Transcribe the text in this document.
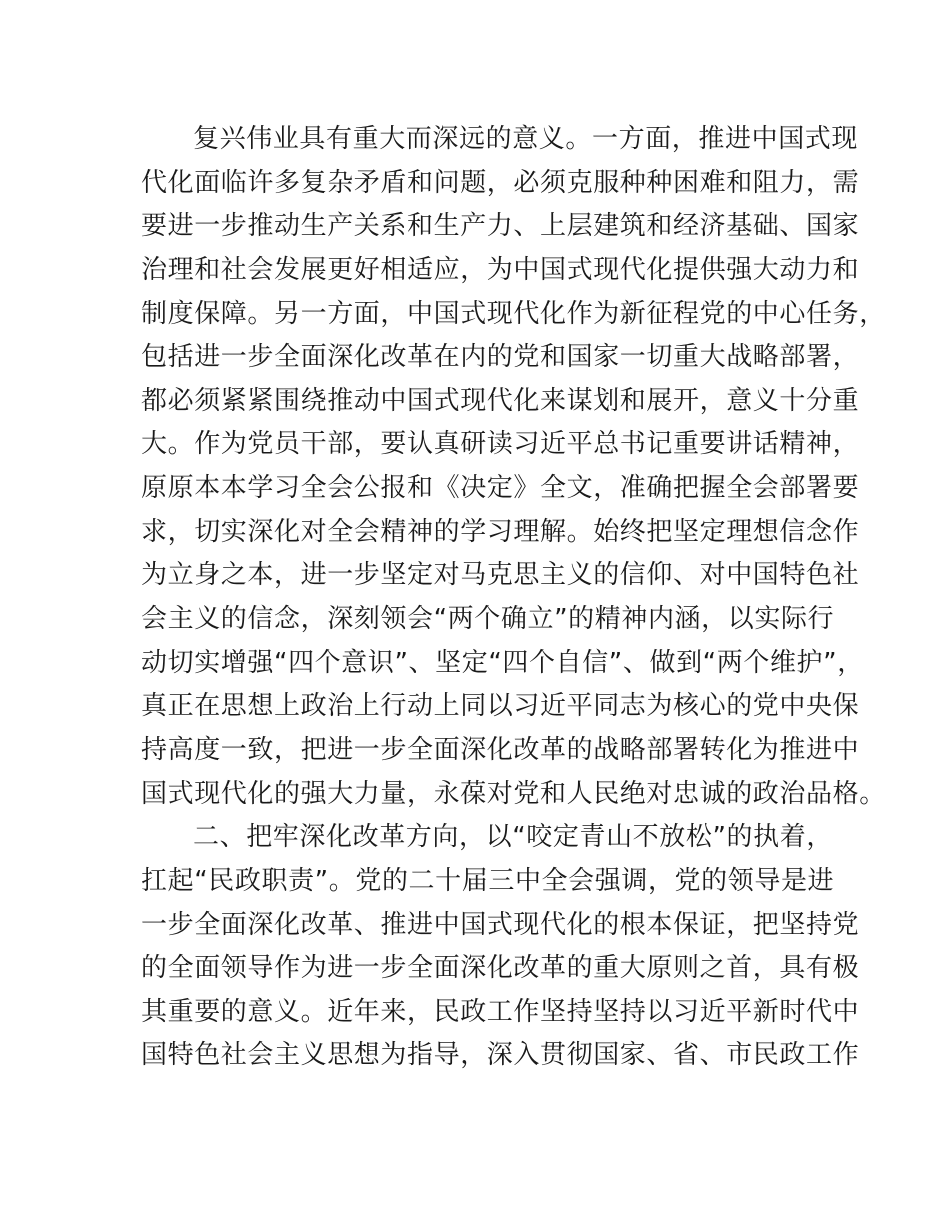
复兴伟业具有重大而深远的意义。一方面，推进中国式现
代化面临许多复杂矛盾和问题，必须克服种种困难和阻力，需
要进一步推动生产关系和生产力、上层建筑和经济基础、国家
治理和社会发展更好相适应，为中国式现代化提供强大动力和
制度保障。另一方面，中国式现代化作为新征程党的中心任务，
包括进一步全面深化改革在内的党和国家一切重大战略部署，
都必须紧紧围绕推动中国式现代化来谋划和展开，意义十分重
大。作为党员干部，要认真研读习近平总书记重要讲话精神，
原原本本学习全会公报和《决定》全文，准确把握全会部署要
求，切实深化对全会精神的学习理解。始终把坚定理想信念作
为立身之本，进一步坚定对马克思主义的信仰、对中国特色社
会主义的信念，深刻领会“两个确立”的精神内涵，以实际行
动切实增强“四个意识”、坚定“四个自信”、做到“两个维护”，
真正在思想上政治上行动上同以习近平同志为核心的党中央保
持高度一致，把进一步全面深化改革的战略部署转化为推进中
国式现代化的强大力量，永葆对党和人民绝对忠诚的政治品格。
二、把牢深化改革方向，以“咬定青山不放松”的执着，
扛起“民政职责”。党的二十届三中全会强调，党的领导是进
一步全面深化改革、推进中国式现代化的根本保证，把坚持党
的全面领导作为进一步全面深化改革的重大原则之首，具有极
其重要的意义。近年来，民政工作坚持坚持以习近平新时代中
国特色社会主义思想为指导，深入贯彻国家、省、市民政工作
